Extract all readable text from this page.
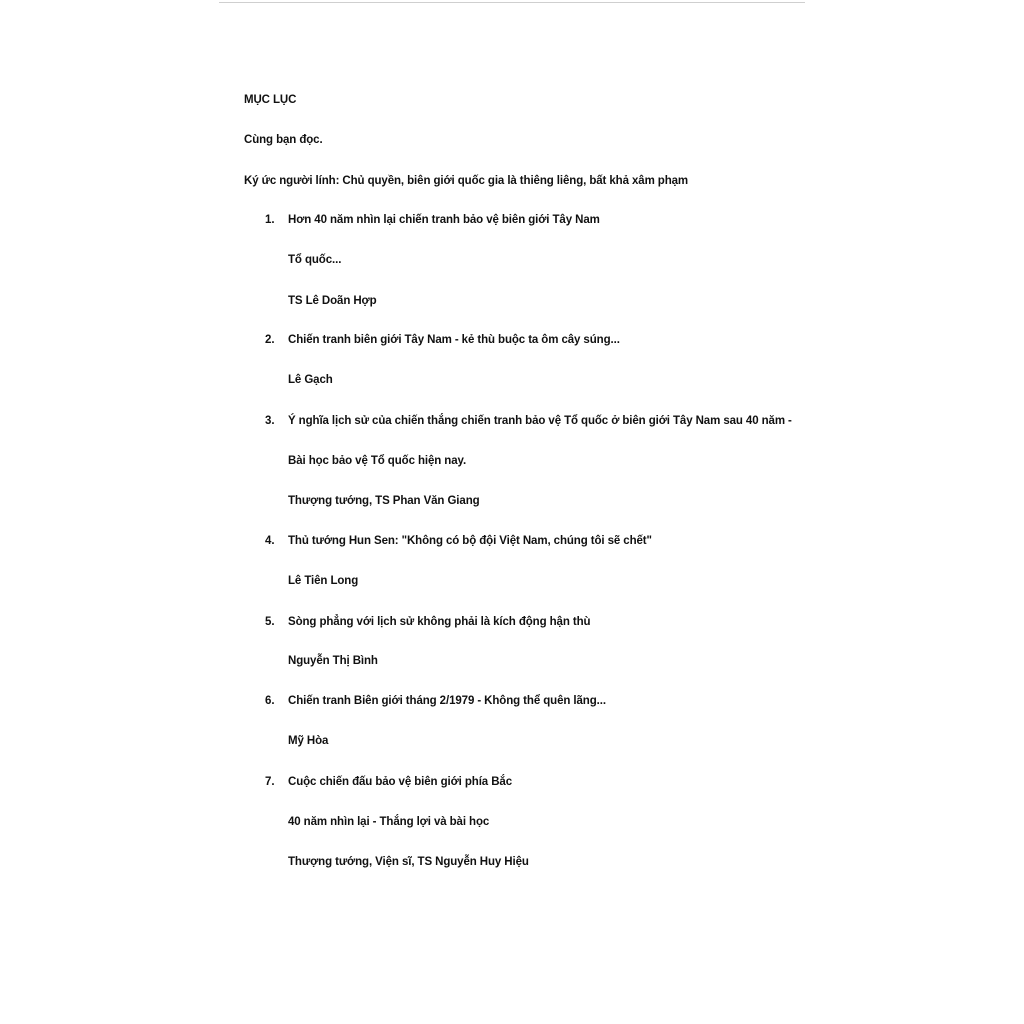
MỤC LỤC
Cùng bạn đọc.
Ký ức người lính: Chủ quyền, biên giới quốc gia là thiêng liêng, bất khả xâm phạm
1. Hơn 40 năm nhìn lại chiến tranh bảo vệ biên giới Tây Nam
Tổ quốc...
TS Lê Doãn Hợp
2. Chiến tranh biên giới Tây Nam - kẻ thù buộc ta ôm cây súng...
Lê Gạch
3. Ý nghĩa lịch sử của chiến thắng chiến tranh bảo vệ Tổ quốc ở biên giới Tây Nam sau 40 năm -
Bài học bảo vệ Tổ quốc hiện nay.
Thượng tướng, TS Phan Văn Giang
4. Thủ tướng Hun Sen: "Không có bộ đội Việt Nam, chúng tôi sẽ chết"
Lê Tiên Long
5. Sòng phẳng với lịch sử không phải là kích động hận thù
Nguyễn Thị Bình
6. Chiến tranh Biên giới tháng 2/1979 - Không thể quên lãng...
Mỹ Hòa
7. Cuộc chiến đấu bảo vệ biên giới phía Bắc
40 năm nhìn lại - Thắng lợi và bài học
Thượng tướng, Viện sĩ, TS Nguyễn Huy Hiệu
